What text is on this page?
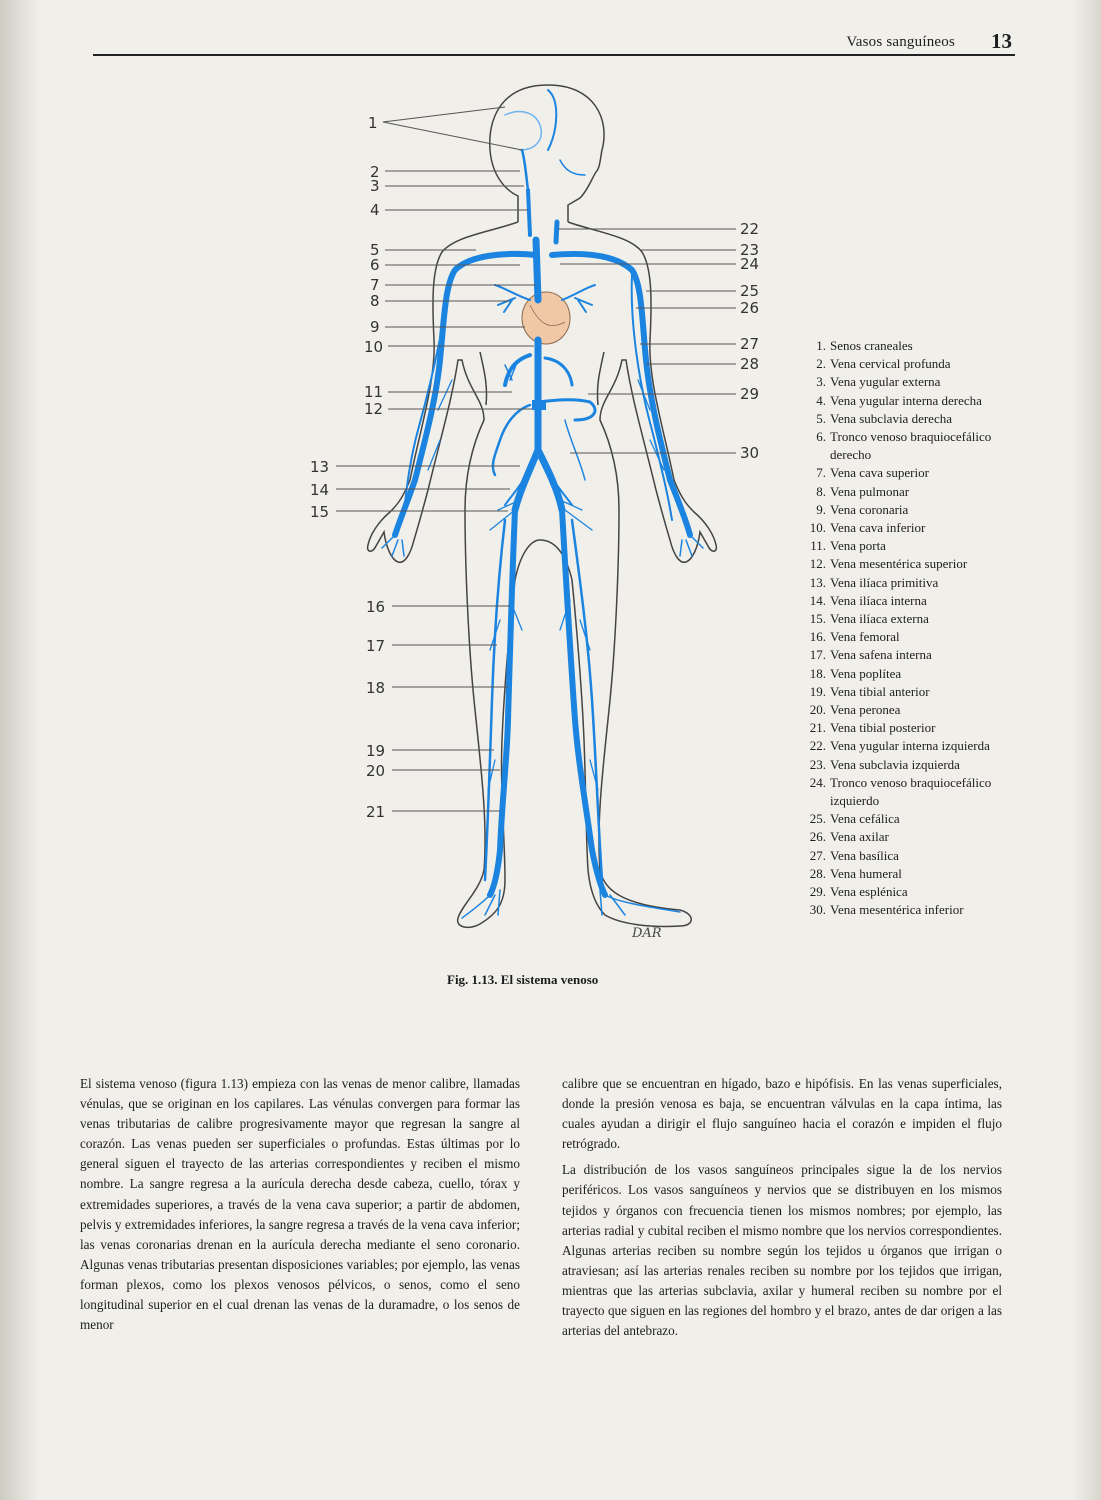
Vasos sanguíneos 13
DAR
1
2
3
4
5
6
7
8
9
10
11
12
13
14
15
16
17
18
19
20
21
22
23
24
25
26
27
28
29
30
Fig. 1.13. El sistema venoso
1. Senos craneales
2. Vena cervical profunda
3. Vena yugular externa
4. Vena yugular interna derecha
5. Vena subclavia derecha
6. Tronco venoso braquiocefálico derecho
7. Vena cava superior
8. Vena pulmonar
9. Vena coronaria
10. Vena cava inferior
11. Vena porta
12. Vena mesentérica superior
13. Vena ilíaca primitiva
14. Vena ilíaca interna
15. Vena ilíaca externa
16. Vena femoral
17. Vena safena interna
18. Vena poplítea
19. Vena tibial anterior
20. Vena peronea
21. Vena tibial posterior
22. Vena yugular interna izquierda
23. Vena subclavia izquierda
24. Tronco venoso braquiocefálico izquierdo
25. Vena cefálica
26. Vena axilar
27. Vena basílica
28. Vena humeral
29. Vena esplénica
30. Vena mesentérica inferior

El sistema venoso (figura 1.13) empieza con las venas de menor calibre, llamadas vénulas, que se originan en los capilares. Las vénulas convergen para formar las venas tributarias de calibre progresivamente mayor que regresan la sangre al corazón. Las venas pueden ser superficiales o profundas. Estas últimas por lo general siguen el trayecto de las arterias correspondientes y reciben el mismo nombre. La sangre regresa a la aurícula derecha desde cabeza, cuello, tórax y extremidades superiores, a través de la vena cava superior; a partir de abdomen, pelvis y extremidades inferiores, la sangre regresa a través de la vena cava inferior; las venas coronarias drenan en la aurícula derecha mediante el seno coronario. Algunas venas tributarias presentan disposiciones variables; por ejemplo, las venas forman plexos, como los plexos venosos pélvicos, o senos, como el seno longitudinal superior en el cual drenan las venas de la duramadre, o los senos de menor

calibre que se encuentran en hígado, bazo e hipófisis. En las venas superficiales, donde la presión venosa es baja, se encuentran válvulas en la capa íntima, las cuales ayudan a dirigir el flujo sanguíneo hacia el corazón e impiden el flujo retrógrado.

La distribución de los vasos sanguíneos principales sigue la de los nervios periféricos. Los vasos sanguíneos y nervios que se distribuyen en los mismos tejidos y órganos con frecuencia tienen los mismos nombres; por ejemplo, las arterias radial y cubital reciben el mismo nombre que los nervios correspondientes. Algunas arterias reciben su nombre según los tejidos u órganos que irrigan o atraviesan; así las arterias renales reciben su nombre por los tejidos que irrigan, mientras que las arterias subclavia, axilar y humeral reciben su nombre por el trayecto que siguen en las regiones del hombro y el brazo, antes de dar origen a las arterias del antebrazo.
